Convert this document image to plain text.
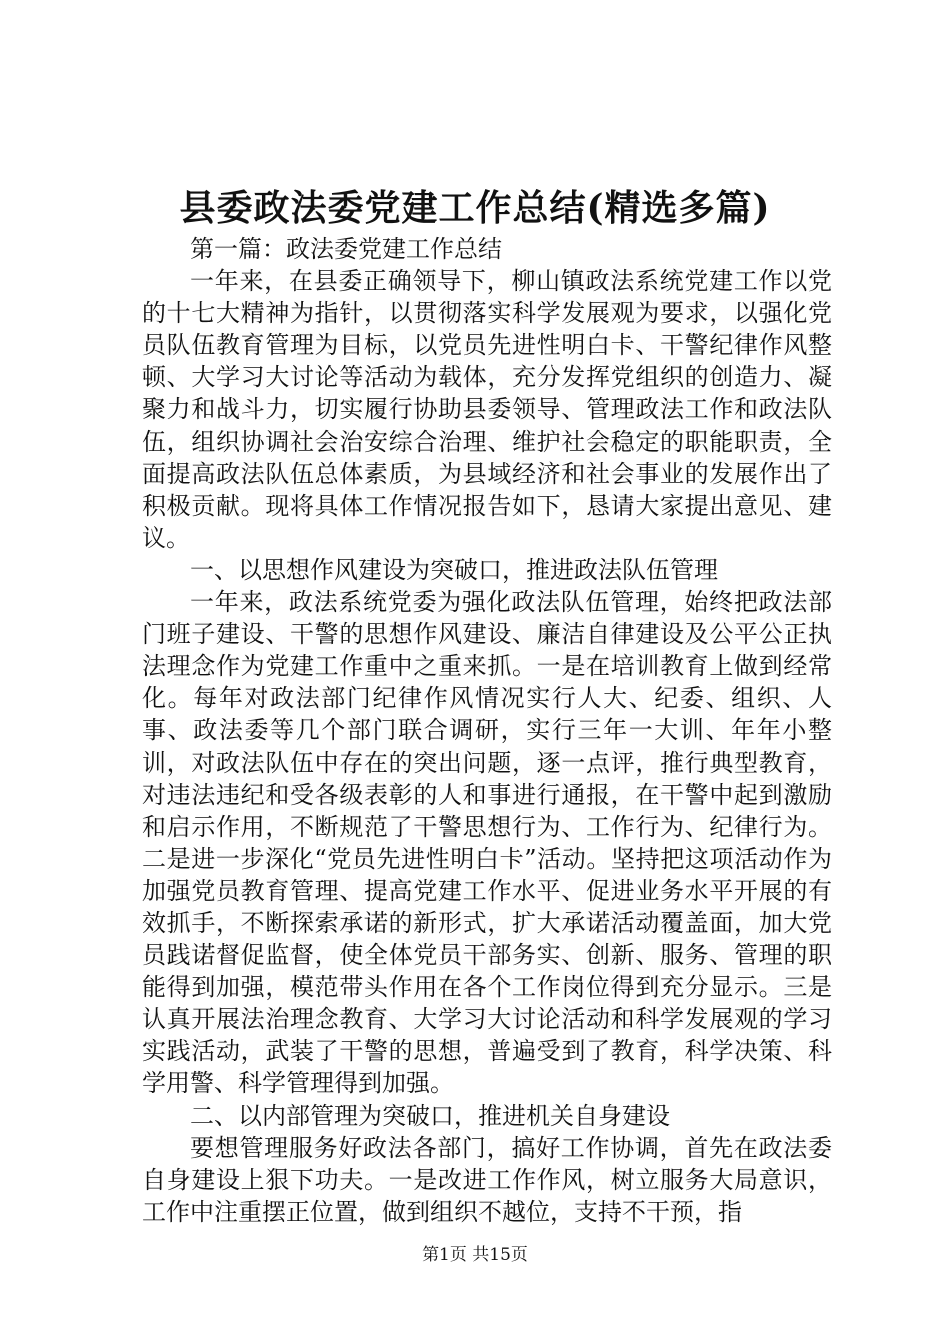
县委政法委党建工作总结(精选多篇)

第一篇：政法委党建工作总结

一年来，在县委正确领导下，柳山镇政法系统党建工作以党的十七大精神为指针，以贯彻落实科学发展观为要求，以强化党员队伍教育管理为目标，以党员先进性明白卡、干警纪律作风整顿、大学习大讨论等活动为载体，充分发挥党组织的创造力、凝聚力和战斗力，切实履行协助县委领导、管理政法工作和政法队伍，组织协调社会治安综合治理、维护社会稳定的职能职责，全面提高政法队伍总体素质，为县域经济和社会事业的发展作出了积极贡献。现将具体工作情况报告如下，恳请大家提出意见、建议。

一、以思想作风建设为突破口，推进政法队伍管理

一年来，政法系统党委为强化政法队伍管理，始终把政法部门班子建设、干警的思想作风建设、廉洁自律建设及公平公正执法理念作为党建工作重中之重来抓。一是在培训教育上做到经常化。每年对政法部门纪律作风情况实行人大、纪委、组织、人事、政法委等几个部门联合调研，实行三年一大训、年年小整训，对政法队伍中存在的突出问题，逐一点评，推行典型教育，对违法违纪和受各级表彰的人和事进行通报，在干警中起到激励和启示作用，不断规范了干警思想行为、工作行为、纪律行为。二是进一步深化“党员先进性明白卡”活动。坚持把这项活动作为加强党员教育管理、提高党建工作水平、促进业务水平开展的有效抓手，不断探索承诺的新形式，扩大承诺活动覆盖面，加大党员践诺督促监督，使全体党员干部务实、创新、服务、管理的职能得到加强，模范带头作用在各个工作岗位得到充分显示。三是认真开展法治理念教育、大学习大讨论活动和科学发展观的学习实践活动，武装了干警的思想，普遍受到了教育，科学决策、科学用警、科学管理得到加强。

二、以内部管理为突破口，推进机关自身建设

要想管理服务好政法各部门，搞好工作协调，首先在政法委自身建设上狠下功夫。一是改进工作作风，树立服务大局意识，工作中注重摆正位置，做到组织不越位，支持不干预，指

第1页 共15页
